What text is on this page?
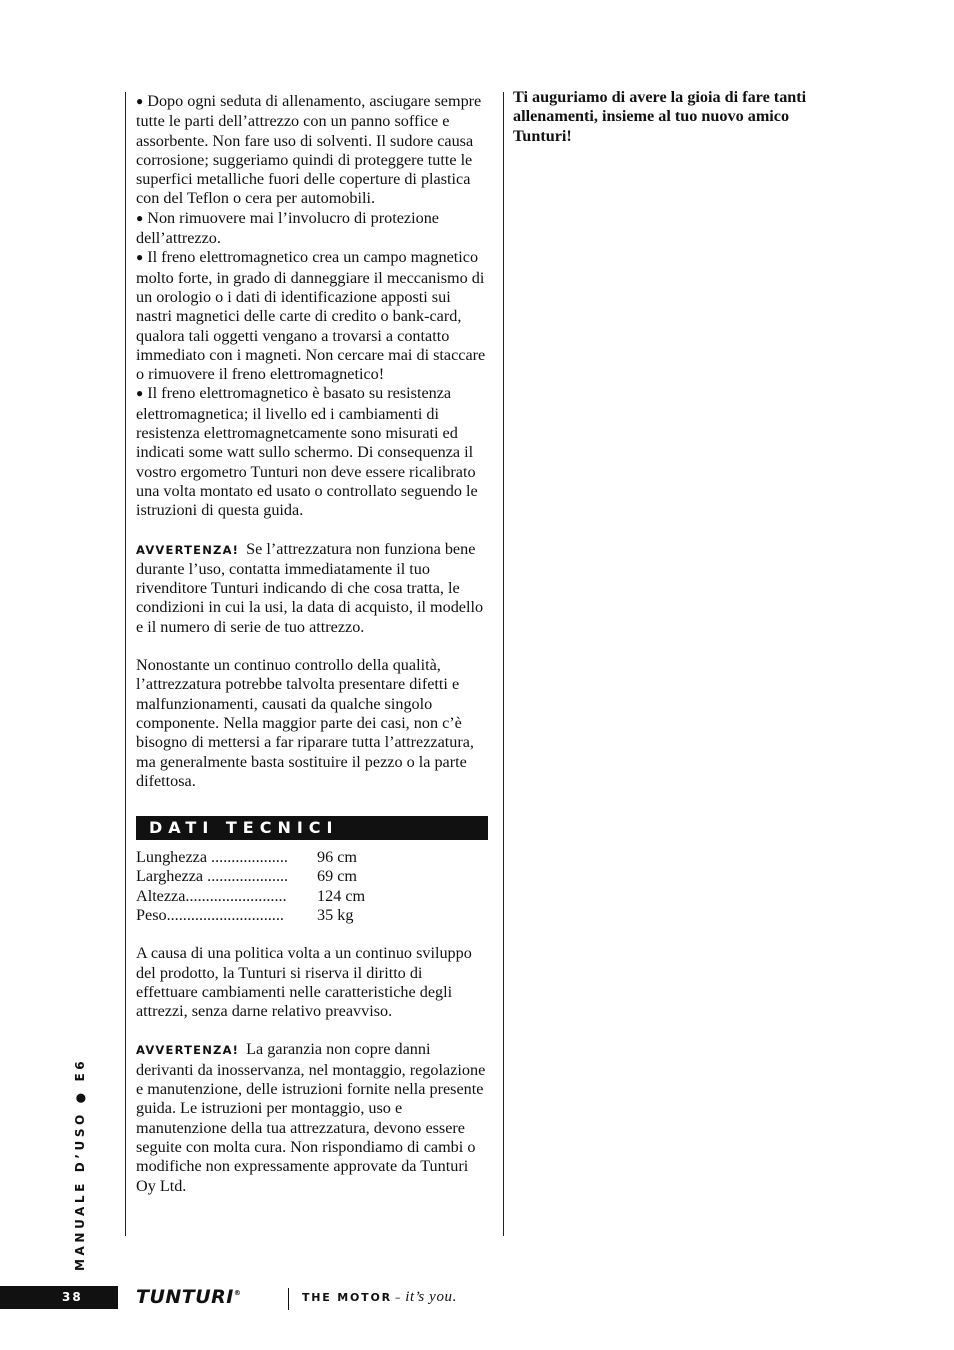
● Dopo ogni seduta di allenamento, asciugare sempre tutte le parti dell’attrezzo con un panno soffice e assorbente. Non fare uso di solventi. Il sudore causa corrosione; suggeriamo quindi di proteggere tutte le superfici metalliche fuori delle coperture di plastica con del Teflon o cera per automobili.

● Non rimuovere mai l’involucro di protezione dell’attrezzo.

● Il freno elettromagnetico crea un campo magnetico molto forte, in grado di danneggiare il meccanismo di un orologio o i dati di identificazione apposti sui nastri magnetici delle carte di credito o bank-card, qualora tali oggetti vengano a trovarsi a contatto immediato con i magneti. Non cercare mai di staccare o rimuovere il freno elettromagnetico!

● Il freno elettromagnetico è basato su resistenza elettromagnetica; il livello ed i cambiamenti di resistenza elettromagnetcamente sono misurati ed indicati some watt sullo schermo. Di consequenza il vostro ergometro Tunturi non deve essere ricalibrato una volta montato ed usato o controllato seguendo le istruzioni di questa guida.

AVVERTENZA! Se l’attrezzatura non funziona bene durante l’uso, contatta immediatamente il tuo rivenditore Tunturi indicando di che cosa tratta, le condizioni in cui la usi, la data di acquisto, il modello e il numero di serie de tuo attrezzo.

Nonostante un continuo controllo della qualità, l’attrezzatura potrebbe talvolta presentare difetti e malfunzionamenti, causati da qualche singolo componente. Nella maggior parte dei casi, non c’è bisogno di mettersi a far riparare tutta l’attrezzatura, ma generalmente basta sostituire il pezzo o la parte difettosa.

DATI TECNICI
Lunghezza ...................	96 cm
Larghezza ....................	69 cm
Altezza.........................	124 cm
Peso.............................	35 kg

A causa di una politica volta a un continuo sviluppo del prodotto, la Tunturi si riserva il diritto di effettuare cambiamenti nelle caratteristiche degli attrezzi, senza darne relativo preavviso.

AVVERTENZA! La garanzia non copre danni derivanti da inosservanza, nel montaggio, regolazione e manutenzione, delle istruzioni fornite nella presente guida. Le istruzioni per montaggio, uso e manutenzione della tua attrezzatura, devono essere seguite con molta cura. Non rispondiamo di cambi o modifiche non expressamente approvate da Tunturi Oy Ltd.

Ti auguriamo di avere la gioia di fare tanti allenamenti, insieme al tuo nuovo amico Tunturi!

MANUALE D’USO ● E6
38	TUNTURI®	THE MOTOR – it’s you.
